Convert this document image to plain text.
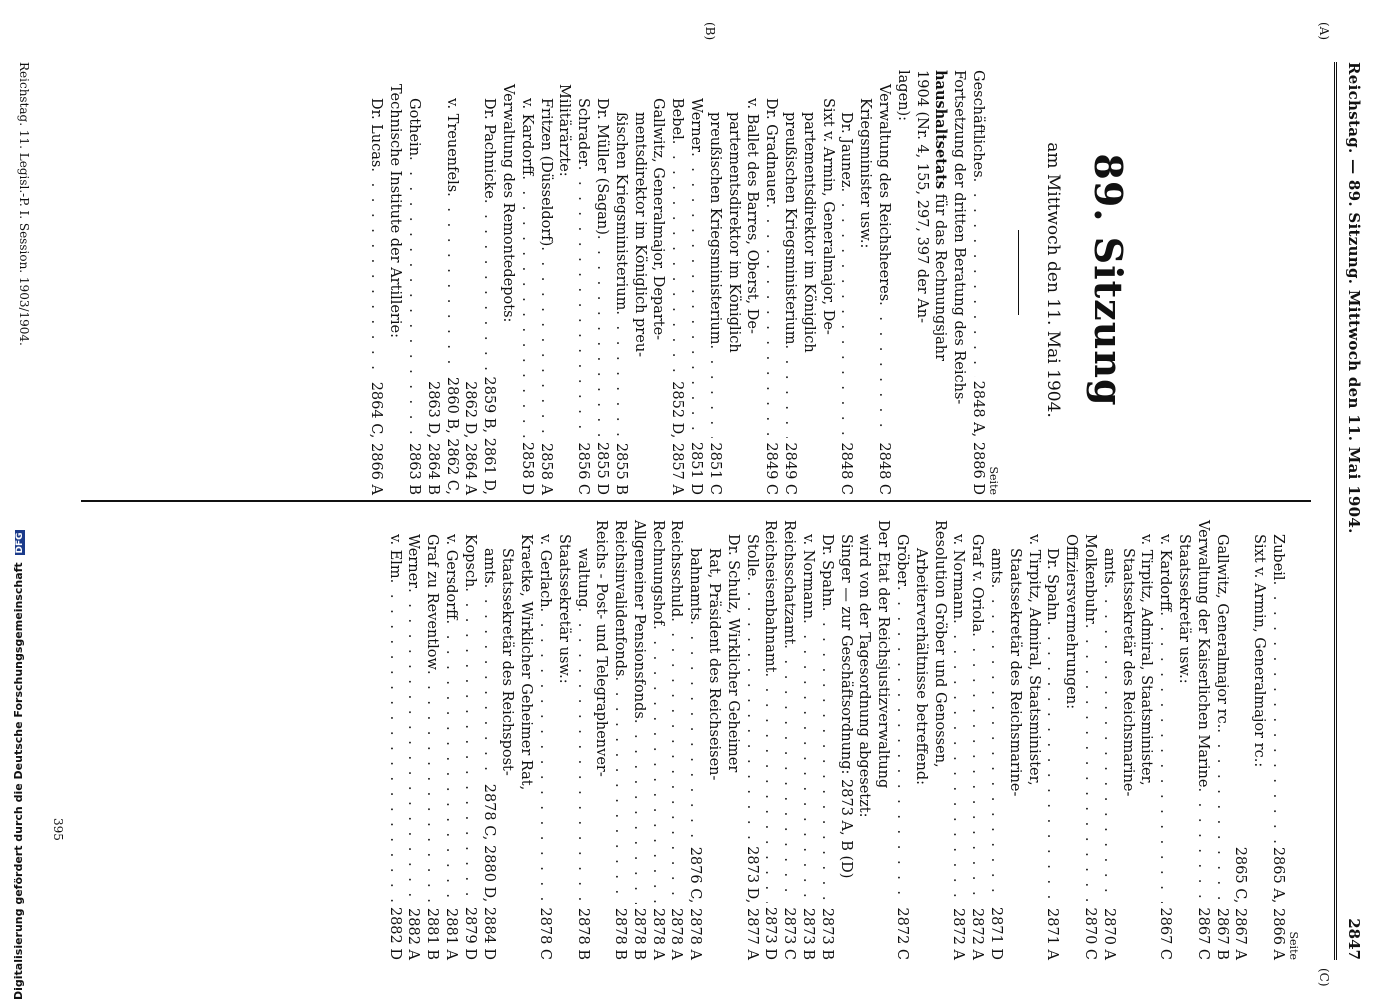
Reichstag. — 89. Sitzung. Mittwoch den 11. Mai 1904.
2847
(A)
(C)
(B)
89. Sitzung
am Mittwoch den 11. Mai 1904.
Seite
Geschäftliches
. . .
2848 A, 2886 D
Fortsetzung der dritten Beratung des Reichs-
haushaltsetats für das Rechnungsjahr
1904 (Nr. 4, 155, 297, 397 der An-
lagen):
Verwaltung des Reichsheeres
. . .
2848 C
Kriegsminister usw.:
Dr. Jaunez
. . .
2848 C
Sixt v. Armin, Generalmajor, De-
partementsdirektor im Königlich
preußischen Kriegsministerium
. . .
2849 C
Dr. Gradnauer
. . .
2849 C
v. Ballet des Barres, Oberst, De-
partementsdirektor im Königlich
preußischen Kriegsministerium
. . .
2851 C
Werner
. . .
2851 D
Bebel
. . .
2852 D, 2857 A
Gallwitz, Generalmajor, Departe-
mentsdirektor im Königlich preu-
ßischen Kriegsministerium
. . .
2855 B
Dr. Müller (Sagan)
. . .
2855 D
Schrader
. . .
2856 C
Militärärzte:
Fritzen (Düsseldorf)
. . .
2858 A
v. Kardorff
. . .
2858 D
Verwaltung des Remontedepots:
Dr. Pachnicke
. . .
2859 B, 2861 D,
2862 D, 2864 A
v. Treuenfels
. . .
2860 B, 2862 C,
2863 D, 2864 B
Gothein
. . .
2863 B
Technische Institute der Artillerie:
Dr. Lucas
. . .
2864 C, 2866 A
Seite
Zubeil
. . .
2865 A, 2866 A
Sixt v. Armin, Generalmajor rc.:
2865 C, 2867 A
Gallwitz, Generalmajor rc.
. . .
2867 B
Verwaltung der Kaiserlichen Marine
. . .
2867 C
Staatssekretär usw.:
v. Kardorff
. . .
2867 C
v. Tirpitz, Admiral, Staatsminister,
Staatssekretär des Reichsmarine-
amts
. . .
2870 A
Molkenbuhr
. . .
2870 C
Offiziersvermehrungen:
Dr. Spahn
. . .
2871 A
v. Tirpitz, Admiral, Staatsminister,
Staatssekretär des Reichsmarine-
amts
. . .
2871 D
Graf v. Oriola
. . .
2872 A
v. Normann
. . .
2872 A
Resolution Gröber und Genossen,
Arbeiterverhältnisse betreffend:
Gröber
. . .
2872 C
Der Etat der Reichsjustizverwaltung
wird von der Tagesordnung abgesetzt:
Singer — zur Geschäftsordnung: 2873 A, B (D)
Dr. Spahn
. . .
2873 B
v. Normann
. . .
2873 B
Reichsschatzamt
. . .
2873 C
Reichseisenbahnamt
. . .
2873 D
Stolle
. . .
2873 D, 2877 A
Dr. Schulz, Wirklicher Geheimer
Rat, Präsident des Reichseisen-
bahnamts
. . .
2876 C, 2878 A
Reichsschuld
. . .
2878 A
Rechnungshof
. . .
2878 A
Allgemeiner Pensionsfonds
. . .
2878 B
Reichsinvalidenfonds
. . .
2878 B
Reichs - Post- und Telegraphenver-
waltung
. . .
2878 B
Staatssekretär usw.:
v. Gerlach
. . .
2878 C
Kraetke, Wirklicher Geheimer Rat,
Staatssekretär des Reichspost-
amts
. . .
2878 C, 2880 D, 2884 D
Kopsch
. . .
2879 D
v. Gersdorff
. . .
2881 A
Graf zu Reventlow
. . .
2881 B
Werner
. . .
2882 A
v. Elm
. . .
2882 D
395
Reichstag. 11. Legisl.-P. I. Session. 1903/1904.
Digitalisierung gefördert durch die Deutsche Forschungsgemeinschaft DFG
